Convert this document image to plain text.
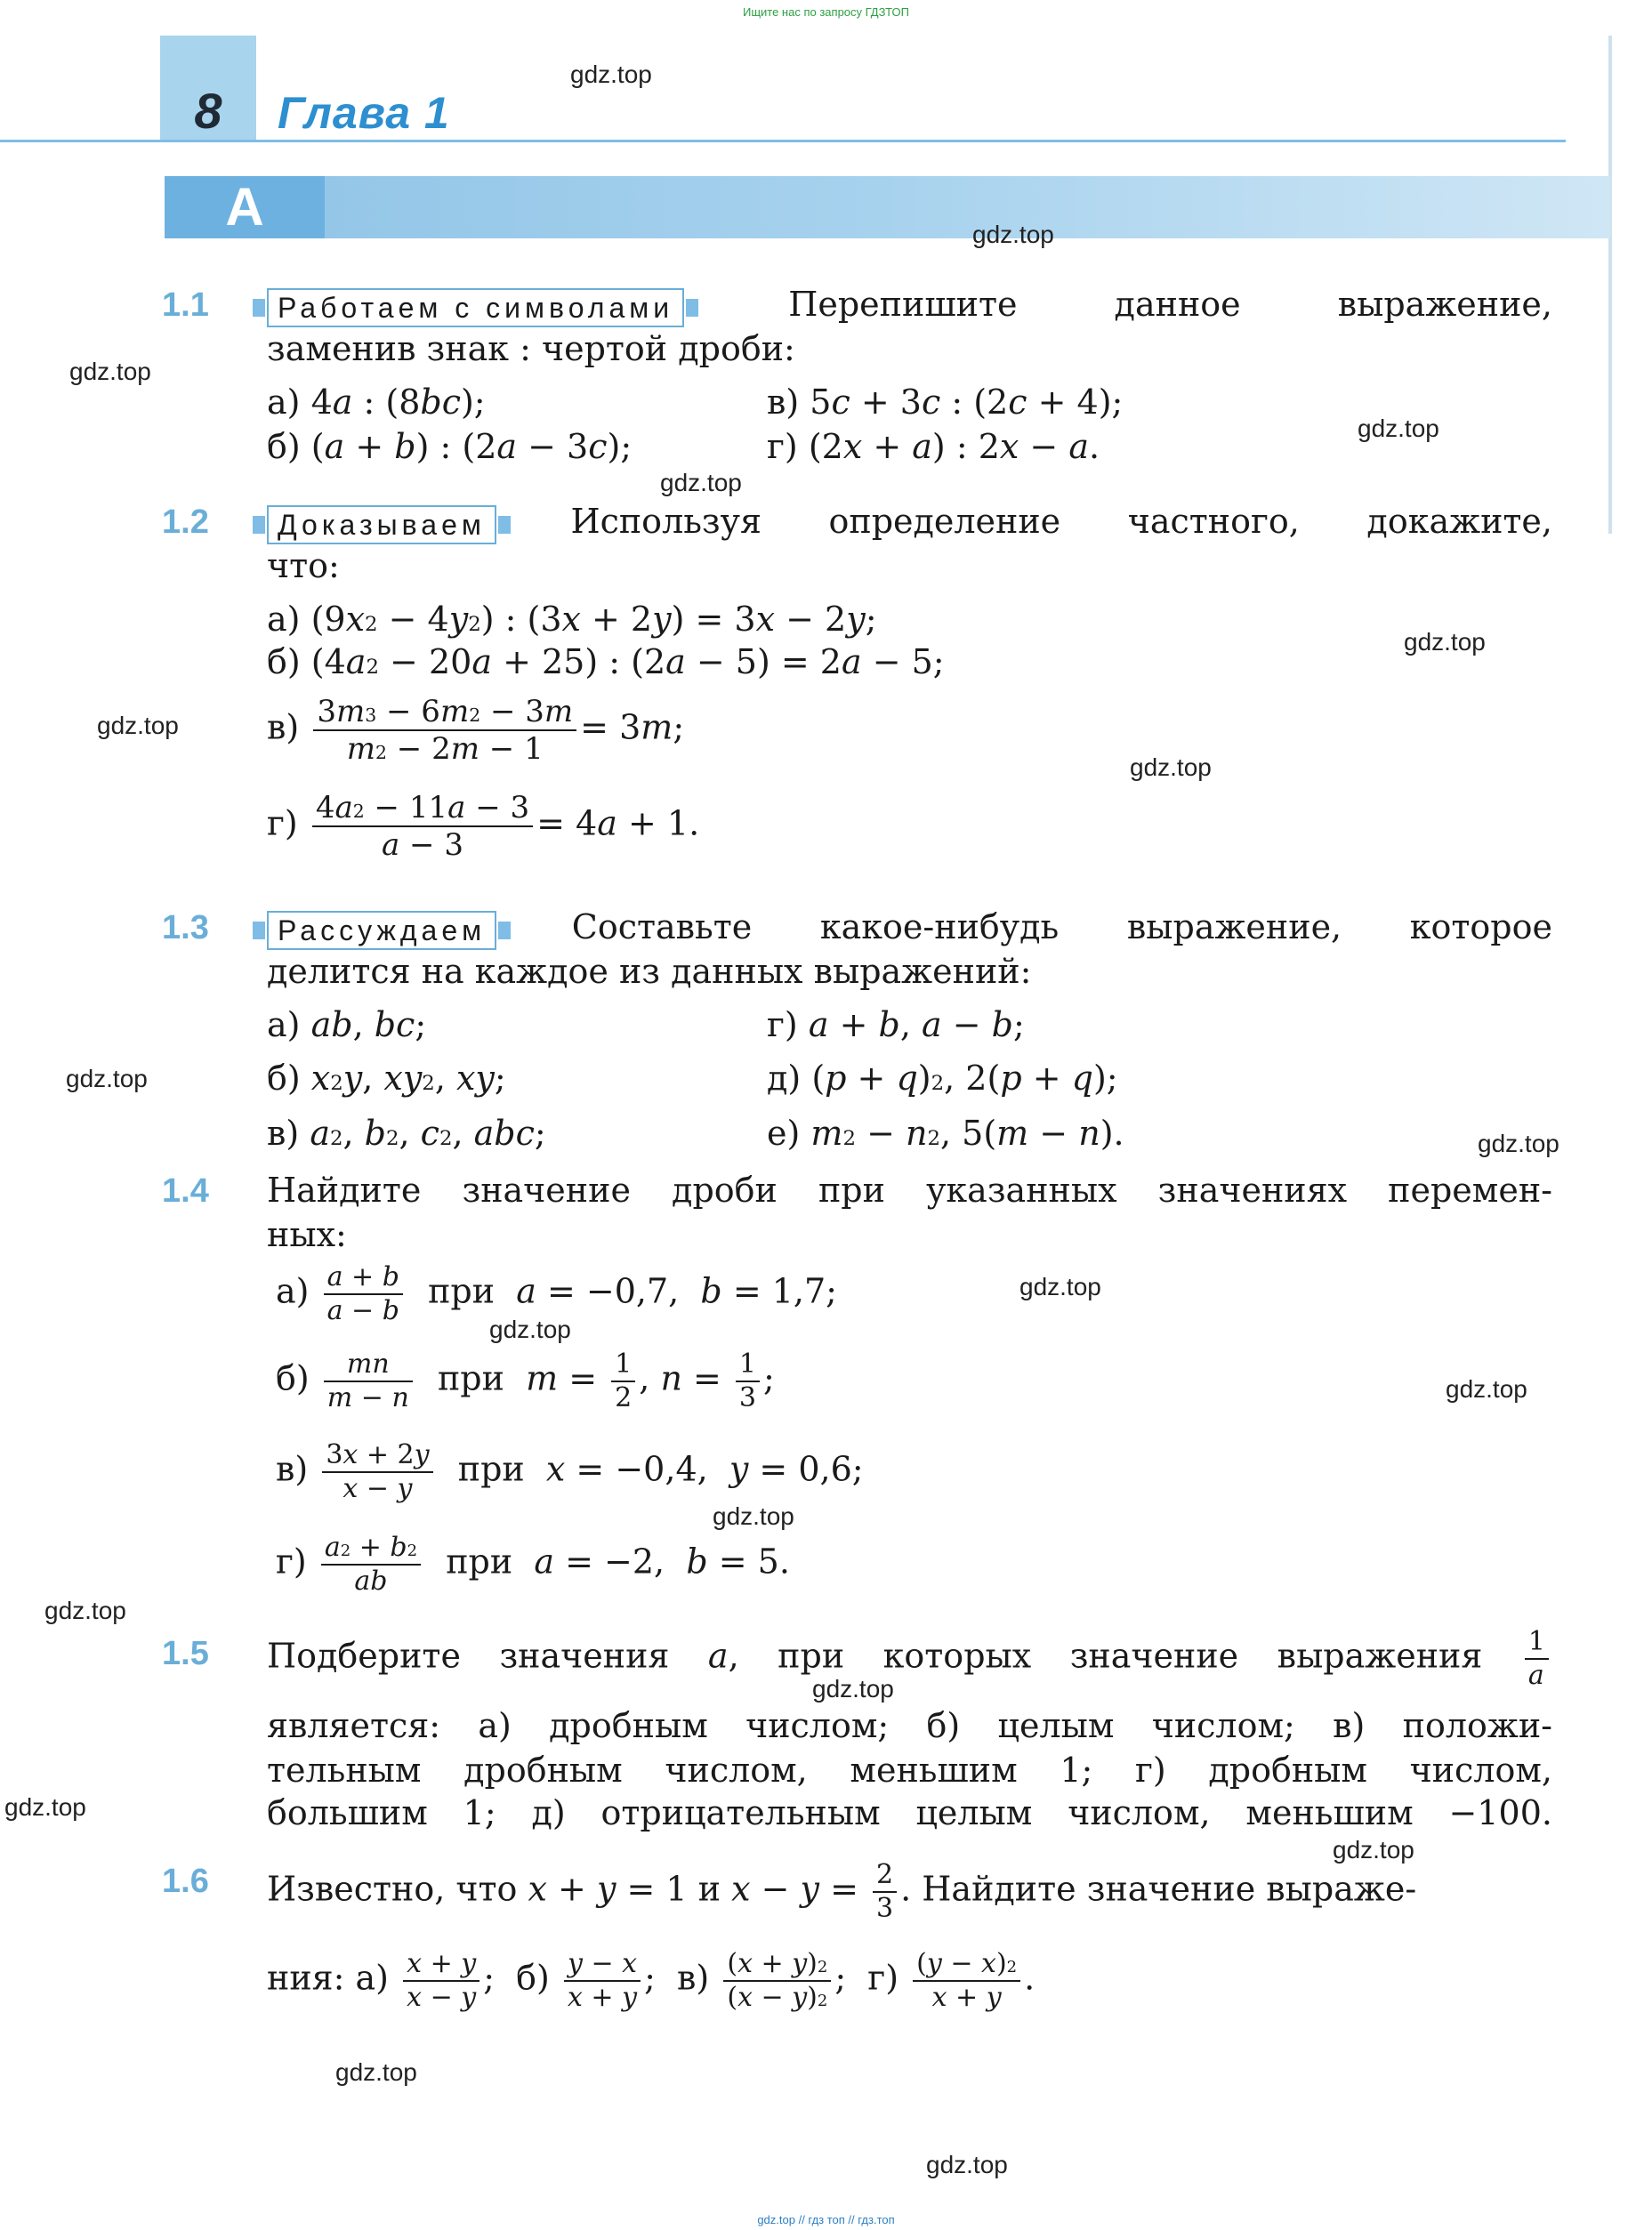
Ищите нас по запросу ГДЗТОП
8	Глава 1
А
gdz.top
gdz.top
gdz.top
gdz.top
gdz.top
gdz.top
gdz.top
gdz.top
gdz.top
gdz.top
gdz.top
gdz.top
gdz.top
gdz.top
gdz.top
gdz.top
gdz.top
gdz.top
gdz.top
gdz.top
1.1	Работаем с символами	Перепишите данное выражение,
заменив знак : чертой дроби:
а) 4a : (8bc);	в) 5c + 3c : (2c + 4);
б) (a + b) : (2a − 3c);	г) (2x + a) : 2x − a.
1.2	Доказываем	Используя определение частного, докажите,
что:
а) $(9x^2 - 4y^2)$ : (3x + 2y) = 3x − 2y;
б) $(4a^2 - 20a + 25)$ : (2a − 5) = 2a − 5;
$в) \frac{3m^3 - 6m^2 - 3m}{m^2 - 2m - 1} = 3m$;
$г) \frac{4a^2 - 11a - 3}{a - 3} = 4a + 1$.
1.3	Рассуждаем	Составьте какое-нибудь выражение, которое
делится на каждое из данных выражений:
а) ab, bc;	г) a + b, a − b;
б) $x^2y$, $xy^2$, xy;	д) $(p + q)^2$, 2(p + q);
в) $a^2$, $b^2$, $c^2$, abc;	е) $m^2 - n^2$, 5(m − n).
1.4 Найдите значение дроби при указанных значениях перемен-
ных:
$а) \frac{a + b}{a - b}$ при a = −0,7,  b = 1,7;
$б) \frac{mn}{m - n}$ при $m = \frac{1}{2}$ , $n = \frac{1}{3}$ ;
$в) \frac{3x + 2y}{x - y}$ при x = −0,4,  y = 0,6;
$г) \frac{a^2 + b^2}{ab}$ при a = −2,  b = 5.
1.5 Подберите значения a, при которых значение выражения $\frac{1}{a}$
является: а) дробным числом; б) целым числом; в) положи-
тельным дробным числом, меньшим 1; г) дробным числом,
большим 1; д) отрицательным целым числом, меньшим −100.
1.6 Известно, что x + y = 1 и $x - y = \frac{2}{3}$ . Найдите значение выраже-
ния: $а) \frac{x + y}{x - y}$ ;  $б) \frac{y - x}{x + y}$ ;  $в) \frac{(x + y)^2}{(x - y)^2}$ ;  $г) \frac{(y - x)^2}{x + y}$ .
gdz.top // гдз топ // гдз.топ
